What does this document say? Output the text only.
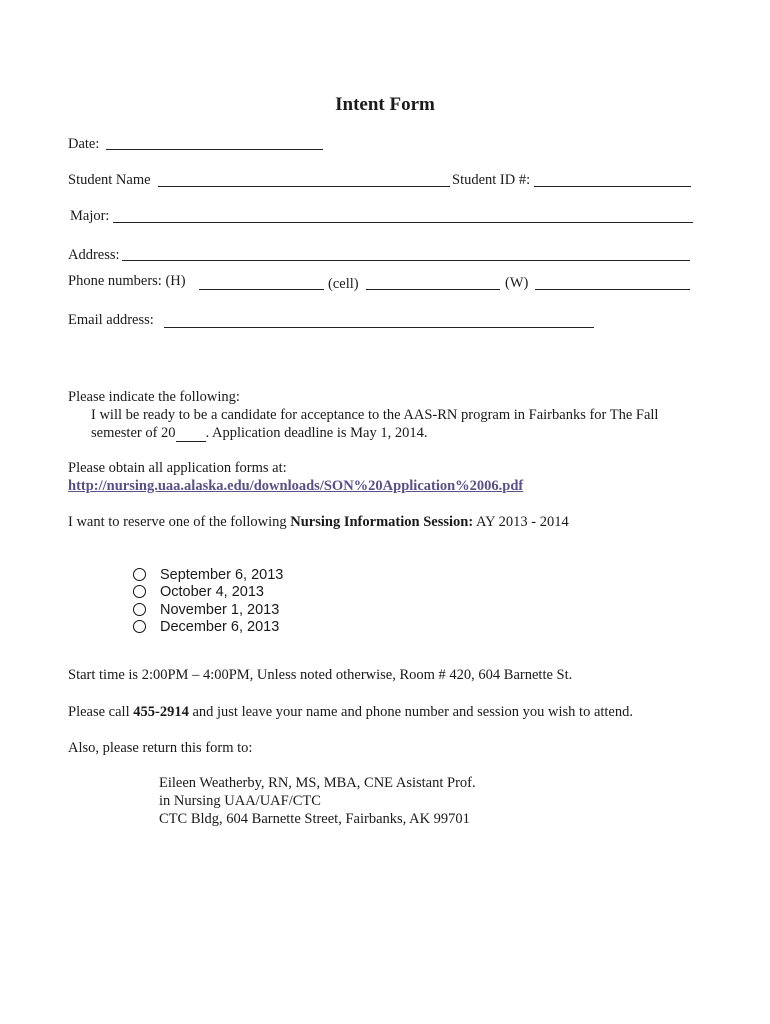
Intent Form
Date:
Student Name	Student ID #:
Major:
Address:
Phone numbers: (H)	(cell)	(W)
Email address:
Please indicate the following:
I will be ready to be a candidate for acceptance to the AAS-RN program in Fairbanks for The Fall
semester of 20 . Application deadline is May 1, 2014.
Please obtain all application forms at:
http://nursing.uaa.alaska.edu/downloads/SON%20Application%2006.pdf
I want to reserve one of the following Nursing Information Session: AY 2013 - 2014
September 6, 2013
October 4, 2013
November 1, 2013
December 6, 2013
Start time is 2:00PM – 4:00PM, Unless noted otherwise, Room # 420, 604 Barnette St.
Please call 455-2914 and just leave your name and phone number and session you wish to attend.
Also, please return this form to:
Eileen Weatherby, RN, MS, MBA, CNE Asistant Prof.
in Nursing UAA/UAF/CTC
CTC Bldg, 604 Barnette Street, Fairbanks, AK 99701
